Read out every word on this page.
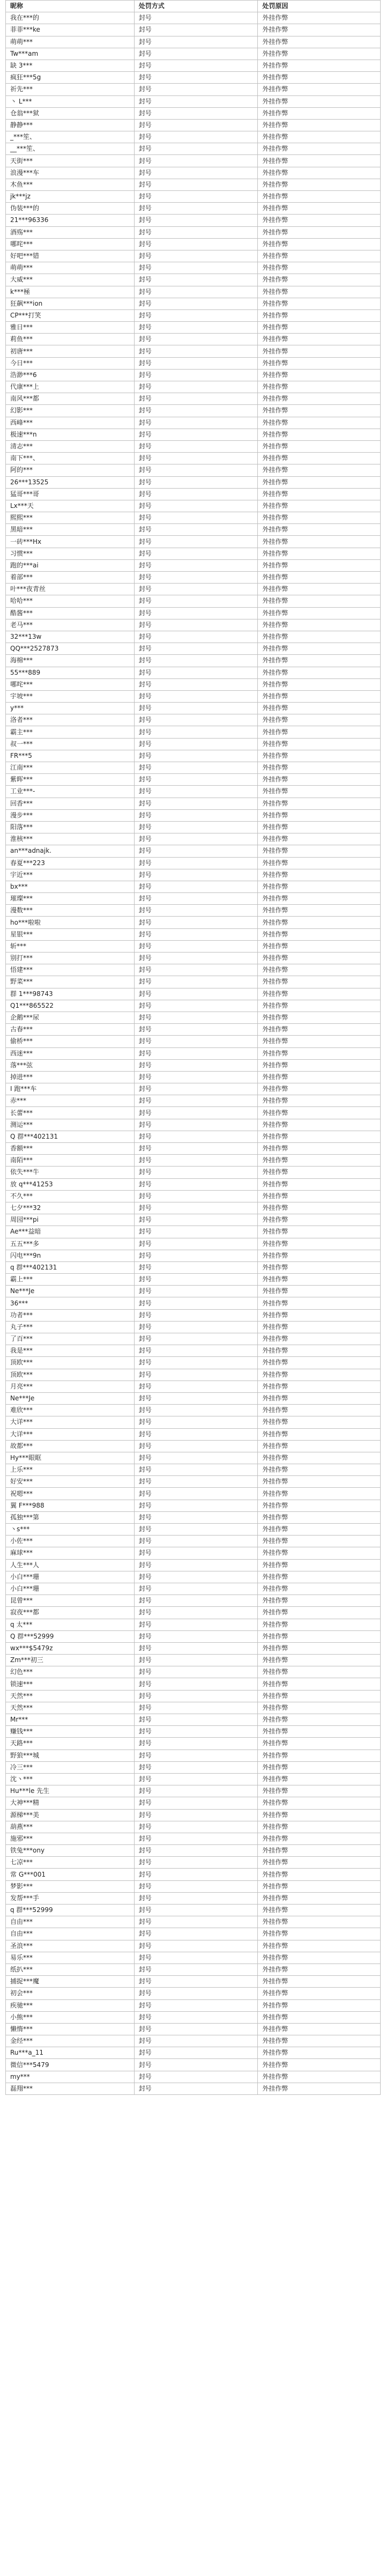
昵称	处罚方式	处罚原因
我在***的	封号	外挂作弊
菲菲***ke	封号	外挂作弊
萌萌***	封号	外挂作弊
Tw***am	封号	外挂作弊
缺 3***	封号	外挂作弊
疯狂***5g	封号	外挂作弊
祈先***	封号	外挂作弊
丶 L***	封号	外挂作弊
仓翁***狱	封号	外挂作弊
静静***	封号	外挂作弊
_***笙、	封号	外挂作弊
__***笙、	封号	外挂作弊
天街***	封号	外挂作弊
浪漫***车	封号	外挂作弊
木鱼***	封号	外挂作弊
jk***jz	封号	外挂作弊
伪装***的	封号	外挂作弊
21***96336	封号	外挂作弊
酒殇***	封号	外挂作弊
哪咤***	封号	外挂作弊
好吧***错	封号	外挂作弊
萌萌***	封号	外挂作弊
大威***	封号	外挂作弊
k***極	封号	外挂作弊
狂飙***ion	封号	外挂作弊
CP***打笑	封号	外挂作弊
雅日***	封号	外挂作弊
莉鱼***	封号	外挂作弊
初唐***	封号	外挂作弊
今日***	封号	外挂作弊
浩渺***6	封号	外挂作弊
代康***上	封号	外挂作弊
南风***都	封号	外挂作弊
幻影***	封号	外挂作弊
西峰***	封号	外挂作弊
极速***n	封号	外挂作弊
清志***	封号	外挂作弊
南下***、	封号	外挂作弊
阿的***	封号	外挂作弊
26***13525	封号	外挂作弊
猛哥***哥	封号	外挂作弊
Lx***天	封号	外挂作弊
熙熙***	封号	外挂作弊
黑暗***	封号	外挂作弊
一砖***Hx	封号	外挂作弊
习惯***	封号	外挂作弊
跑的***ai	封号	外挂作弊
着部***	封号	外挂作弊
叶***夜青丝	封号	外挂作弊
哈哈***	封号	外挂作弊
酷酱***	封号	外挂作弊
老马***	封号	外挂作弊
32***13w	封号	外挂作弊
QQ***2527873	封号	外挂作弊
海棉***	封号	外挂作弊
55***889	封号	外挂作弊
哪咤***	封号	外挂作弊
宇坡***	封号	外挂作弊
y***	封号	外挂作弊
洛者***	封号	外挂作弊
霸主***	封号	外挂作弊
叔一***	封号	外挂作弊
FR***5	封号	外挂作弊
江南***	封号	外挂作弊
紫晖***	封号	外挂作弊
工业***-	封号	外挂作弊
回香***	封号	外挂作弊
漫步***	封号	外挂作弊
阳落***	封号	外挂作弊
淮核***	封号	外挂作弊
an***adnajk.	封号	外挂作弊
春夏***223	封号	外挂作弊
宇近***	封号	外挂作弊
bx***	封号	外挂作弊
璀璨***	封号	外挂作弊
漫数***	封号	外挂作弊
ho***啦啦	封号	外挂作弊
星银***	封号	外挂作弊
斩***	封号	外挂作弊
别打***	封号	外挂作弊
悟建***	封号	外挂作弊
野菜***	封号	外挂作弊
群 1***98743	封号	外挂作弊
Q1***865522	封号	外挂作弊
企鹅***尿	封号	外挂作弊
古春***	封号	外挂作弊
偷桥***	封号	外挂作弊
西迷***	封号	外挂作弊
落***弦	封号	外挂作弊
掉进***	封号	外挂作弊
I 跑***车	封号	外挂作弊
赤***	封号	外挂作弊
长蕾***	封号	外挂作弊
测运***	封号	外挂作弊
Q 群***402131	封号	外挂作弊
香额***	封号	外挂作弊
南陌***	封号	外挂作弊
依失***牛	封号	外挂作弊
放 q***41253	封号	外挂作弊
不久***	封号	外挂作弊
七夕***32	封号	外挂作弊
周园***pi	封号	外挂作弊
Ae***益暗	封号	外挂作弊
五五***多	封号	外挂作弊
闪电***9n	封号	外挂作弊
q 群***402131	封号	外挂作弊
霸上***	封号	外挂作弊
Ne***Je	封号	外挂作弊
36***	封号	外挂作弊
功者***	封号	外挂作弊
丸子***	封号	外挂作弊
了百***	封号	外挂作弊
我是***	封号	外挂作弊
顶欧***	封号	外挂作弊
顶欧***	封号	外挂作弊
月亮***	封号	外挂作弊
Ne***Je	封号	外挂作弊
难欣***	封号	外挂作弊
大详***	封号	外挂作弊
大详***	封号	外挂作弊
故都***	封号	外挂作弊
Hy***眼眶	封号	外挂作弊
上乐***	封号	外挂作弊
好安***	封号	外挂作弊
祝嗯***	封号	外挂作弊
翼 F***988	封号	外挂作弊
孤独***第	封号	外挂作弊
丶s***	封号	外挂作弊
小佐***	封号	外挂作弊
麻球***	封号	外挂作弊
人生***人	封号	外挂作弊
小白***珊	封号	外挂作弊
小白***珊	封号	外挂作弊
昆曾***	封号	外挂作弊
寂夜***都	封号	外挂作弊
q 太***	封号	外挂作弊
Q 群***52999	封号	外挂作弊
wx***$5479z	封号	外挂作弊
Zm***初三	封号	外挂作弊
幻色***	封号	外挂作弊
锁速***	封号	外挂作弊
天然***	封号	外挂作弊
天然***	封号	外挂作弊
Mr***	封号	外挂作弊
赚钱***	封号	外挂作弊
天路***	封号	外挂作弊
野狼***城	封号	外挂作弊
冷三***	封号	外挂作弊
沈丶***	封号	外挂作弊
Hu***le 先生	封号	外挂作弊
大神***精	封号	外挂作弊
源梯***美	封号	外挂作弊
葫燕***	封号	外挂作弊
施邪***	封号	外挂作弊
铁兔***ony	封号	外挂作弊
七凉***	封号	外挂作弊
常 G***001	封号	外挂作弊
梦影***	封号	外挂作弊
发帮***手	封号	外挂作弊
q 群***52999	封号	外挂作弊
自由***	封号	外挂作弊
自由***	封号	外挂作弊
圣浪***	封号	外挂作弊
易乐***	封号	外挂作弊
纸扒***	封号	外挂作弊
捕捉***魔	封号	外挂作弊
初会***	封号	外挂作弊
疾驰***	封号	外挂作弊
小熊***	封号	外挂作弊
懒惰***	封号	外挂作弊
金经***	封号	外挂作弊
Ru***a_11	封号	外挂作弊
微信***5479	封号	外挂作弊
my***	封号	外挂作弊
磊翔***	封号	外挂作弊
